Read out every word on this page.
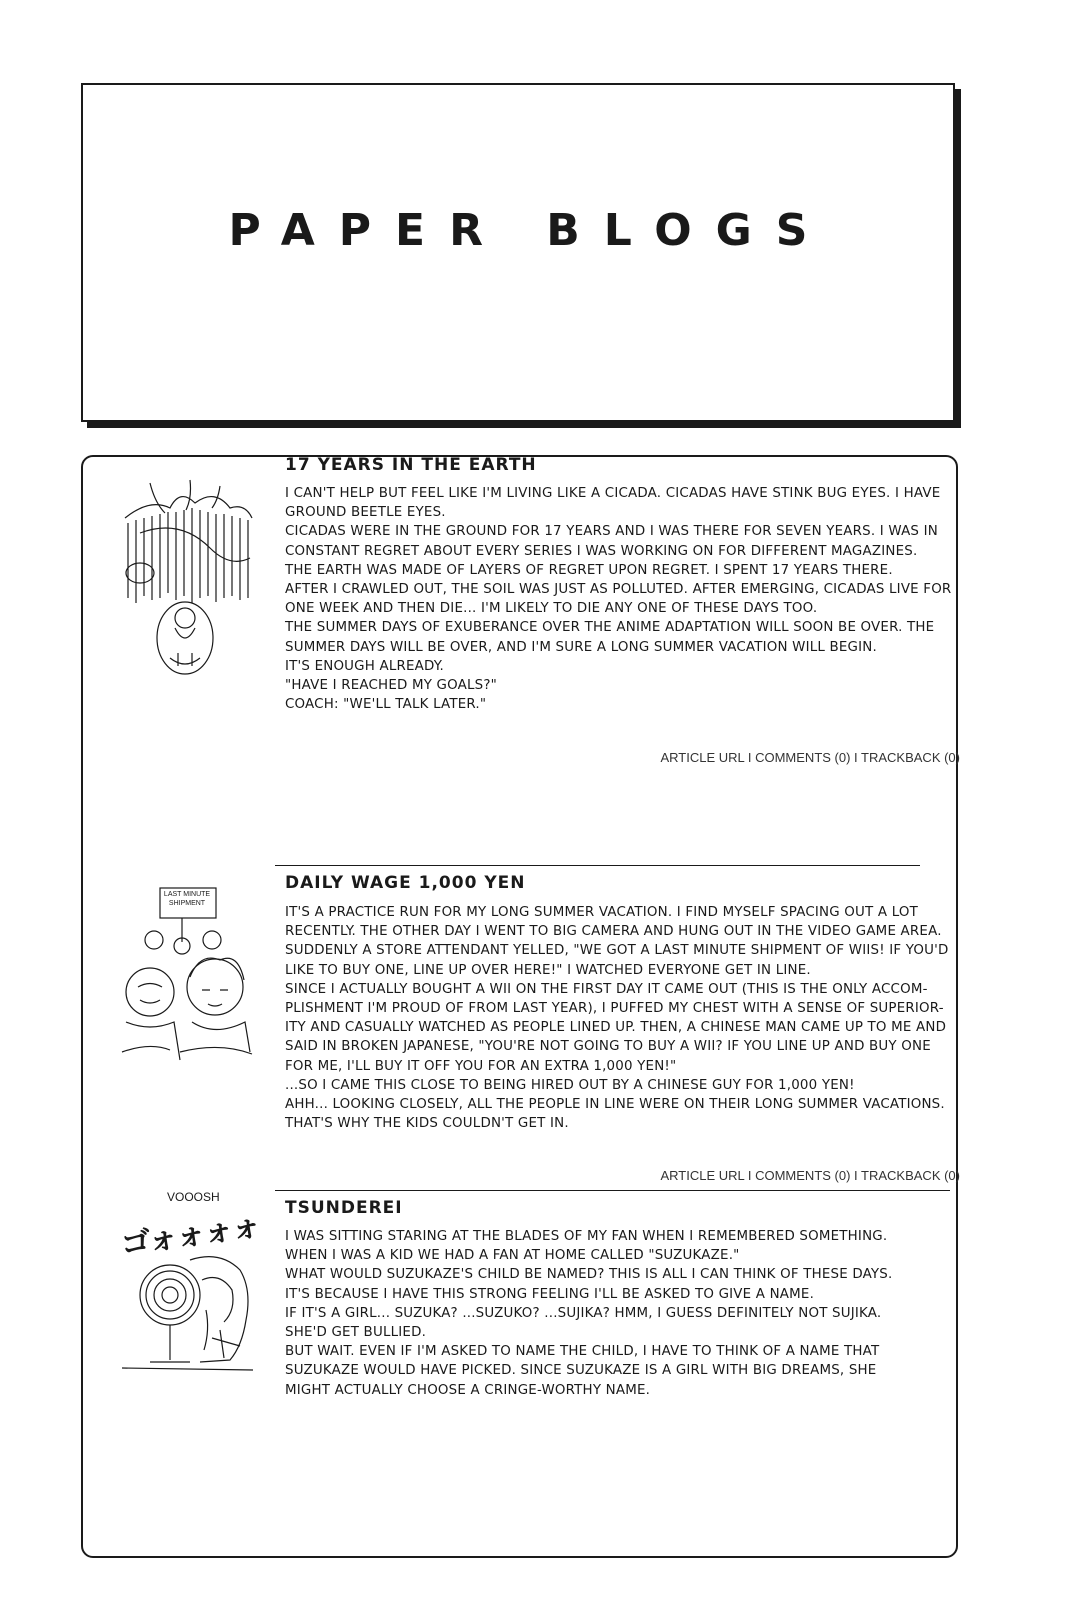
PAPER BLOGS
17 YEARS IN THE EARTH

I CAN'T HELP BUT FEEL LIKE I'M LIVING LIKE A CICADA. CICADAS HAVE STINK BUG EYES. I HAVE

GROUND BEETLE EYES.

CICADAS WERE IN THE GROUND FOR 17 YEARS AND I WAS THERE FOR SEVEN YEARS. I WAS IN

CONSTANT REGRET ABOUT EVERY SERIES I WAS WORKING ON FOR DIFFERENT MAGAZINES.

THE EARTH WAS MADE OF LAYERS OF REGRET UPON REGRET. I SPENT 17 YEARS THERE.

AFTER I CRAWLED OUT, THE SOIL WAS JUST AS POLLUTED. AFTER EMERGING, CICADAS LIVE FOR

ONE WEEK AND THEN DIE... I'M LIKELY TO DIE ANY ONE OF THESE DAYS TOO.

THE SUMMER DAYS OF EXUBERANCE OVER THE ANIME ADAPTATION WILL SOON BE OVER. THE

SUMMER DAYS WILL BE OVER, AND I'M SURE A LONG SUMMER VACATION WILL BEGIN.

IT'S ENOUGH ALREADY.

"HAVE I REACHED MY GOALS?"

COACH: "WE'LL TALK LATER."

ARTICLE URL I COMMENTS (0) I TRACKBACK (0)
DAILY WAGE 1,000 YEN
LAST MINUTE SHIPMENT

IT'S A PRACTICE RUN FOR MY LONG SUMMER VACATION. I FIND MYSELF SPACING OUT A LOT

RECENTLY. THE OTHER DAY I WENT TO BIG CAMERA AND HUNG OUT IN THE VIDEO GAME AREA.

SUDDENLY A STORE ATTENDANT YELLED, "WE GOT A LAST MINUTE SHIPMENT OF WIIS! IF YOU'D

LIKE TO BUY ONE, LINE UP OVER HERE!" I WATCHED EVERYONE GET IN LINE.

SINCE I ACTUALLY BOUGHT A WII ON THE FIRST DAY IT CAME OUT (THIS IS THE ONLY ACCOM-

PLISHMENT I'M PROUD OF FROM LAST YEAR), I PUFFED MY CHEST WITH A SENSE OF SUPERIOR-

ITY AND CASUALLY WATCHED AS PEOPLE LINED UP. THEN, A CHINESE MAN CAME UP TO ME AND

SAID IN BROKEN JAPANESE, "YOU'RE NOT GOING TO BUY A WII? IF YOU LINE UP AND BUY ONE

FOR ME, I'LL BUY IT OFF YOU FOR AN EXTRA 1,000 YEN!"

...SO I CAME THIS CLOSE TO BEING HIRED OUT BY A CHINESE GUY FOR 1,000 YEN!

AHH... LOOKING CLOSELY, ALL THE PEOPLE IN LINE WERE ON THEIR LONG SUMMER VACATIONS.

THAT'S WHY THE KIDS COULDN'T GET IN.

ARTICLE URL I COMMENTS (0) I TRACKBACK (0)
TSUNDEREI
VOOOSH
ゴォォォォ I WAS SITTING STARING AT THE BLADES OF MY FAN WHEN I REMEMBERED SOMETHING.

WHEN I WAS A KID WE HAD A FAN AT HOME CALLED "SUZUKAZE."

WHAT WOULD SUZUKAZE'S CHILD BE NAMED? THIS IS ALL I CAN THINK OF THESE DAYS.

IT'S BECAUSE I HAVE THIS STRONG FEELING I'LL BE ASKED TO GIVE A NAME.

IF IT'S A GIRL... SUZUKA? ...SUZUKO? ...SUJIKA? HMM, I GUESS DEFINITELY NOT SUJIKA.

SHE'D GET BULLIED.

BUT WAIT. EVEN IF I'M ASKED TO NAME THE CHILD, I HAVE TO THINK OF A NAME THAT

SUZUKAZE WOULD HAVE PICKED. SINCE SUZUKAZE IS A GIRL WITH BIG DREAMS, SHE

MIGHT ACTUALLY CHOOSE A CRINGE-WORTHY NAME.
